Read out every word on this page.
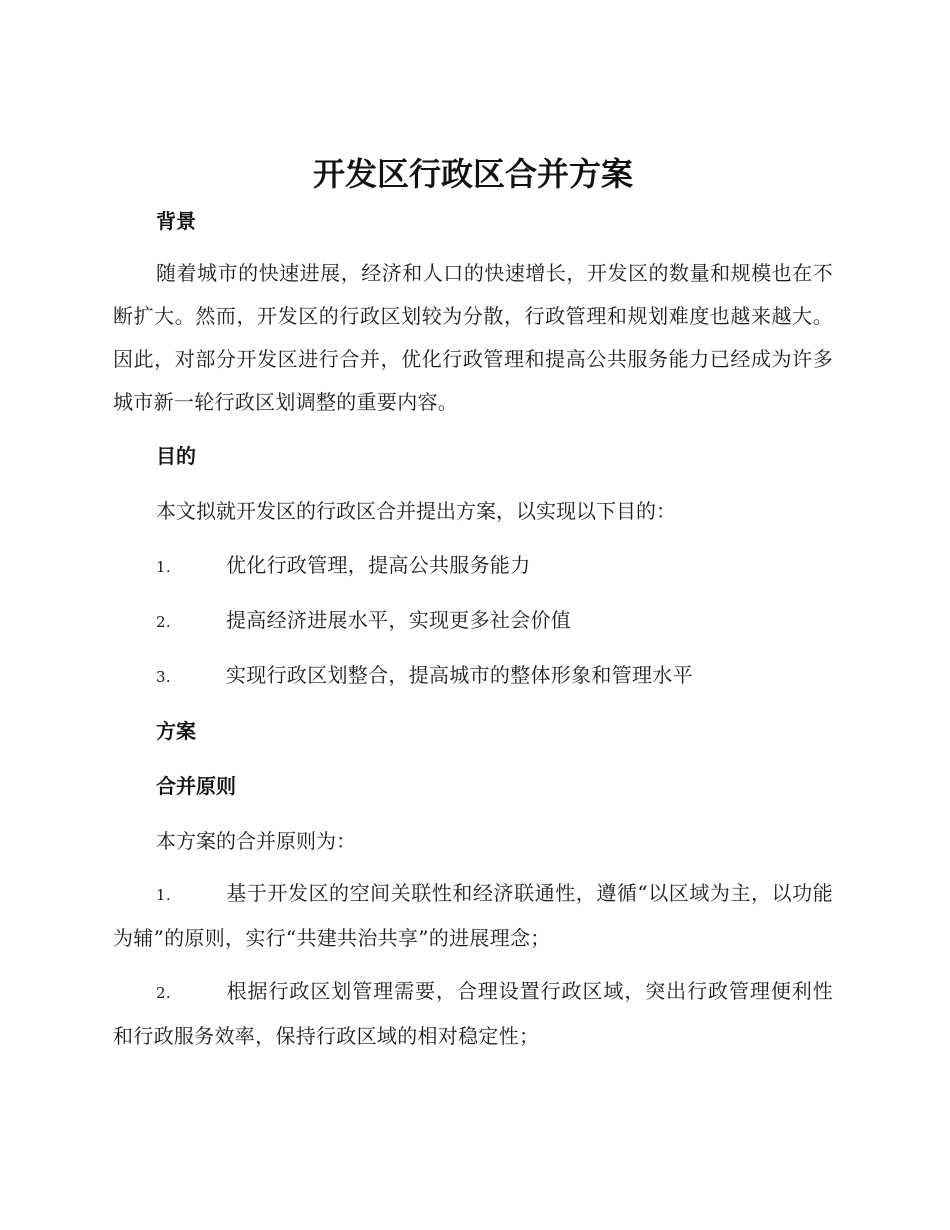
开发区行政区合并方案
背景

随着城市的快速进展，经济和人口的快速增长，开发区的数量和规模也在不断扩大。然而，开发区的行政区划较为分散，行政管理和规划难度也越来越大。因此，对部分开发区进行合并，优化行政管理和提高公共服务能力已经成为许多城市新一轮行政区划调整的重要内容。

目的

本文拟就开发区的行政区合并提出方案，以实现以下目的：

1.	优化行政管理，提高公共服务能力

2.	提高经济进展水平，实现更多社会价值

3.	实现行政区划整合，提高城市的整体形象和管理水平

方案
合并原则

本方案的合并原则为：

1.	基于开发区的空间关联性和经济联通性，遵循“以区域为主，以功能为辅”的原则，实行“共建共治共享”的进展理念；

2.	根据行政区划管理需要，合理设置行政区域，突出行政管理便利性和行政服务效率，保持行政区域的相对稳定性；
